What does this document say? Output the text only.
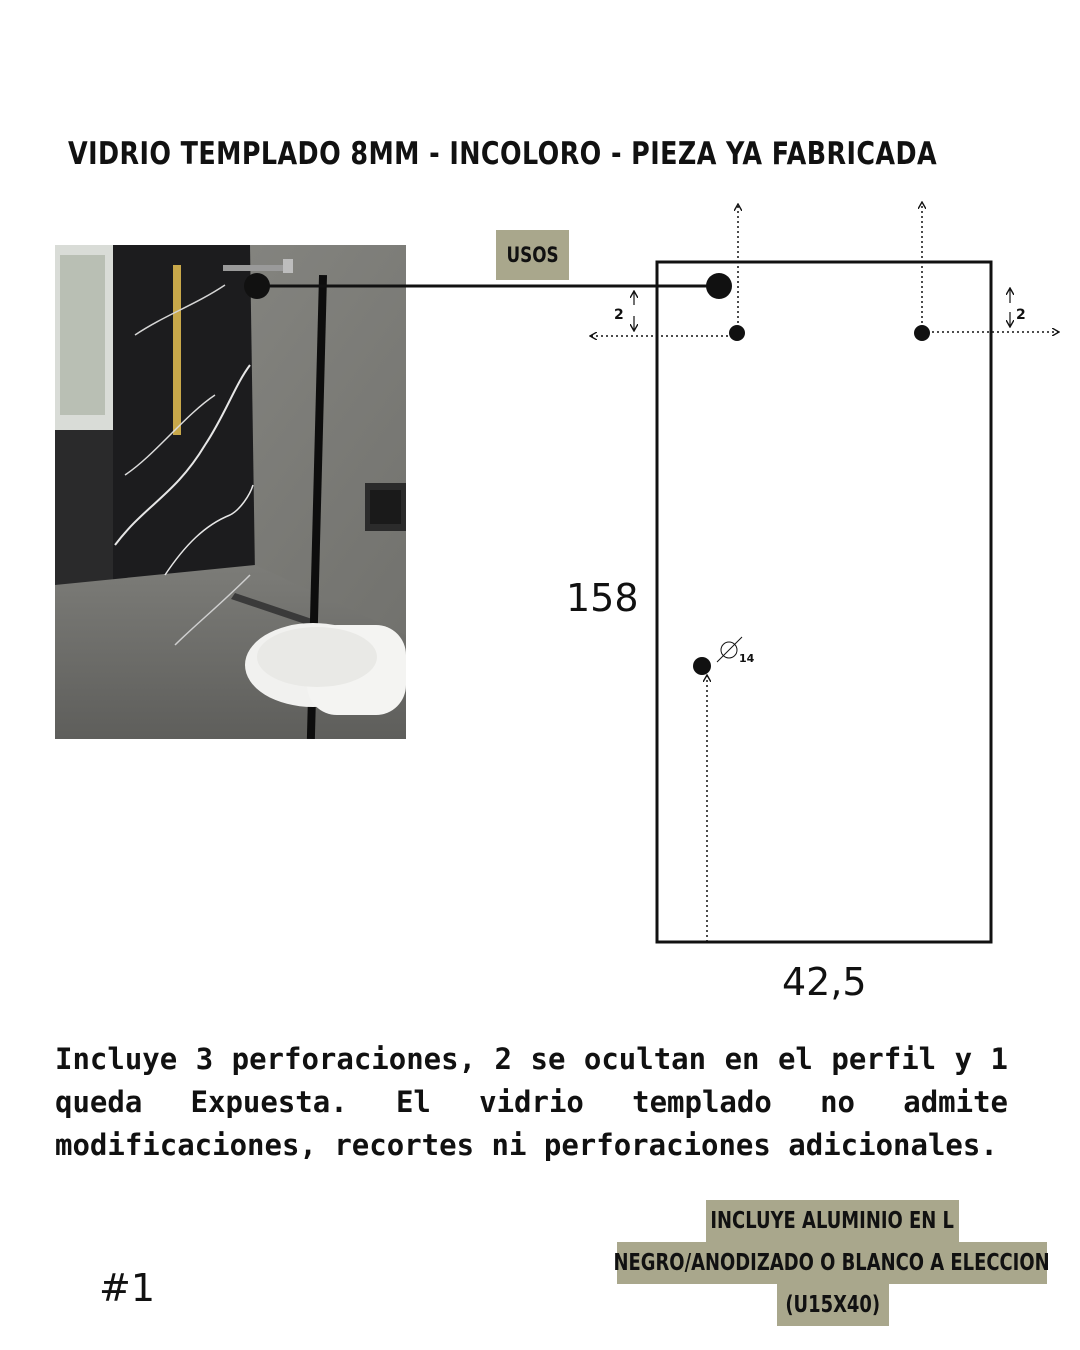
VIDRIO TEMPLADO 8MM - INCOLORO - PIEZA YA FABRICADA
USOS
2	2
14
158
42,5
Incluye 3 perforaciones, 2 se ocultan en el perfil y 1 queda Expuesta. El vidrio templado no admite modificaciones, recortes ni perforaciones adicionales.
#1
INCLUYE ALUMINIO EN L
NEGRO/ANODIZADO O BLANCO A ELECCION
(U15X40)
